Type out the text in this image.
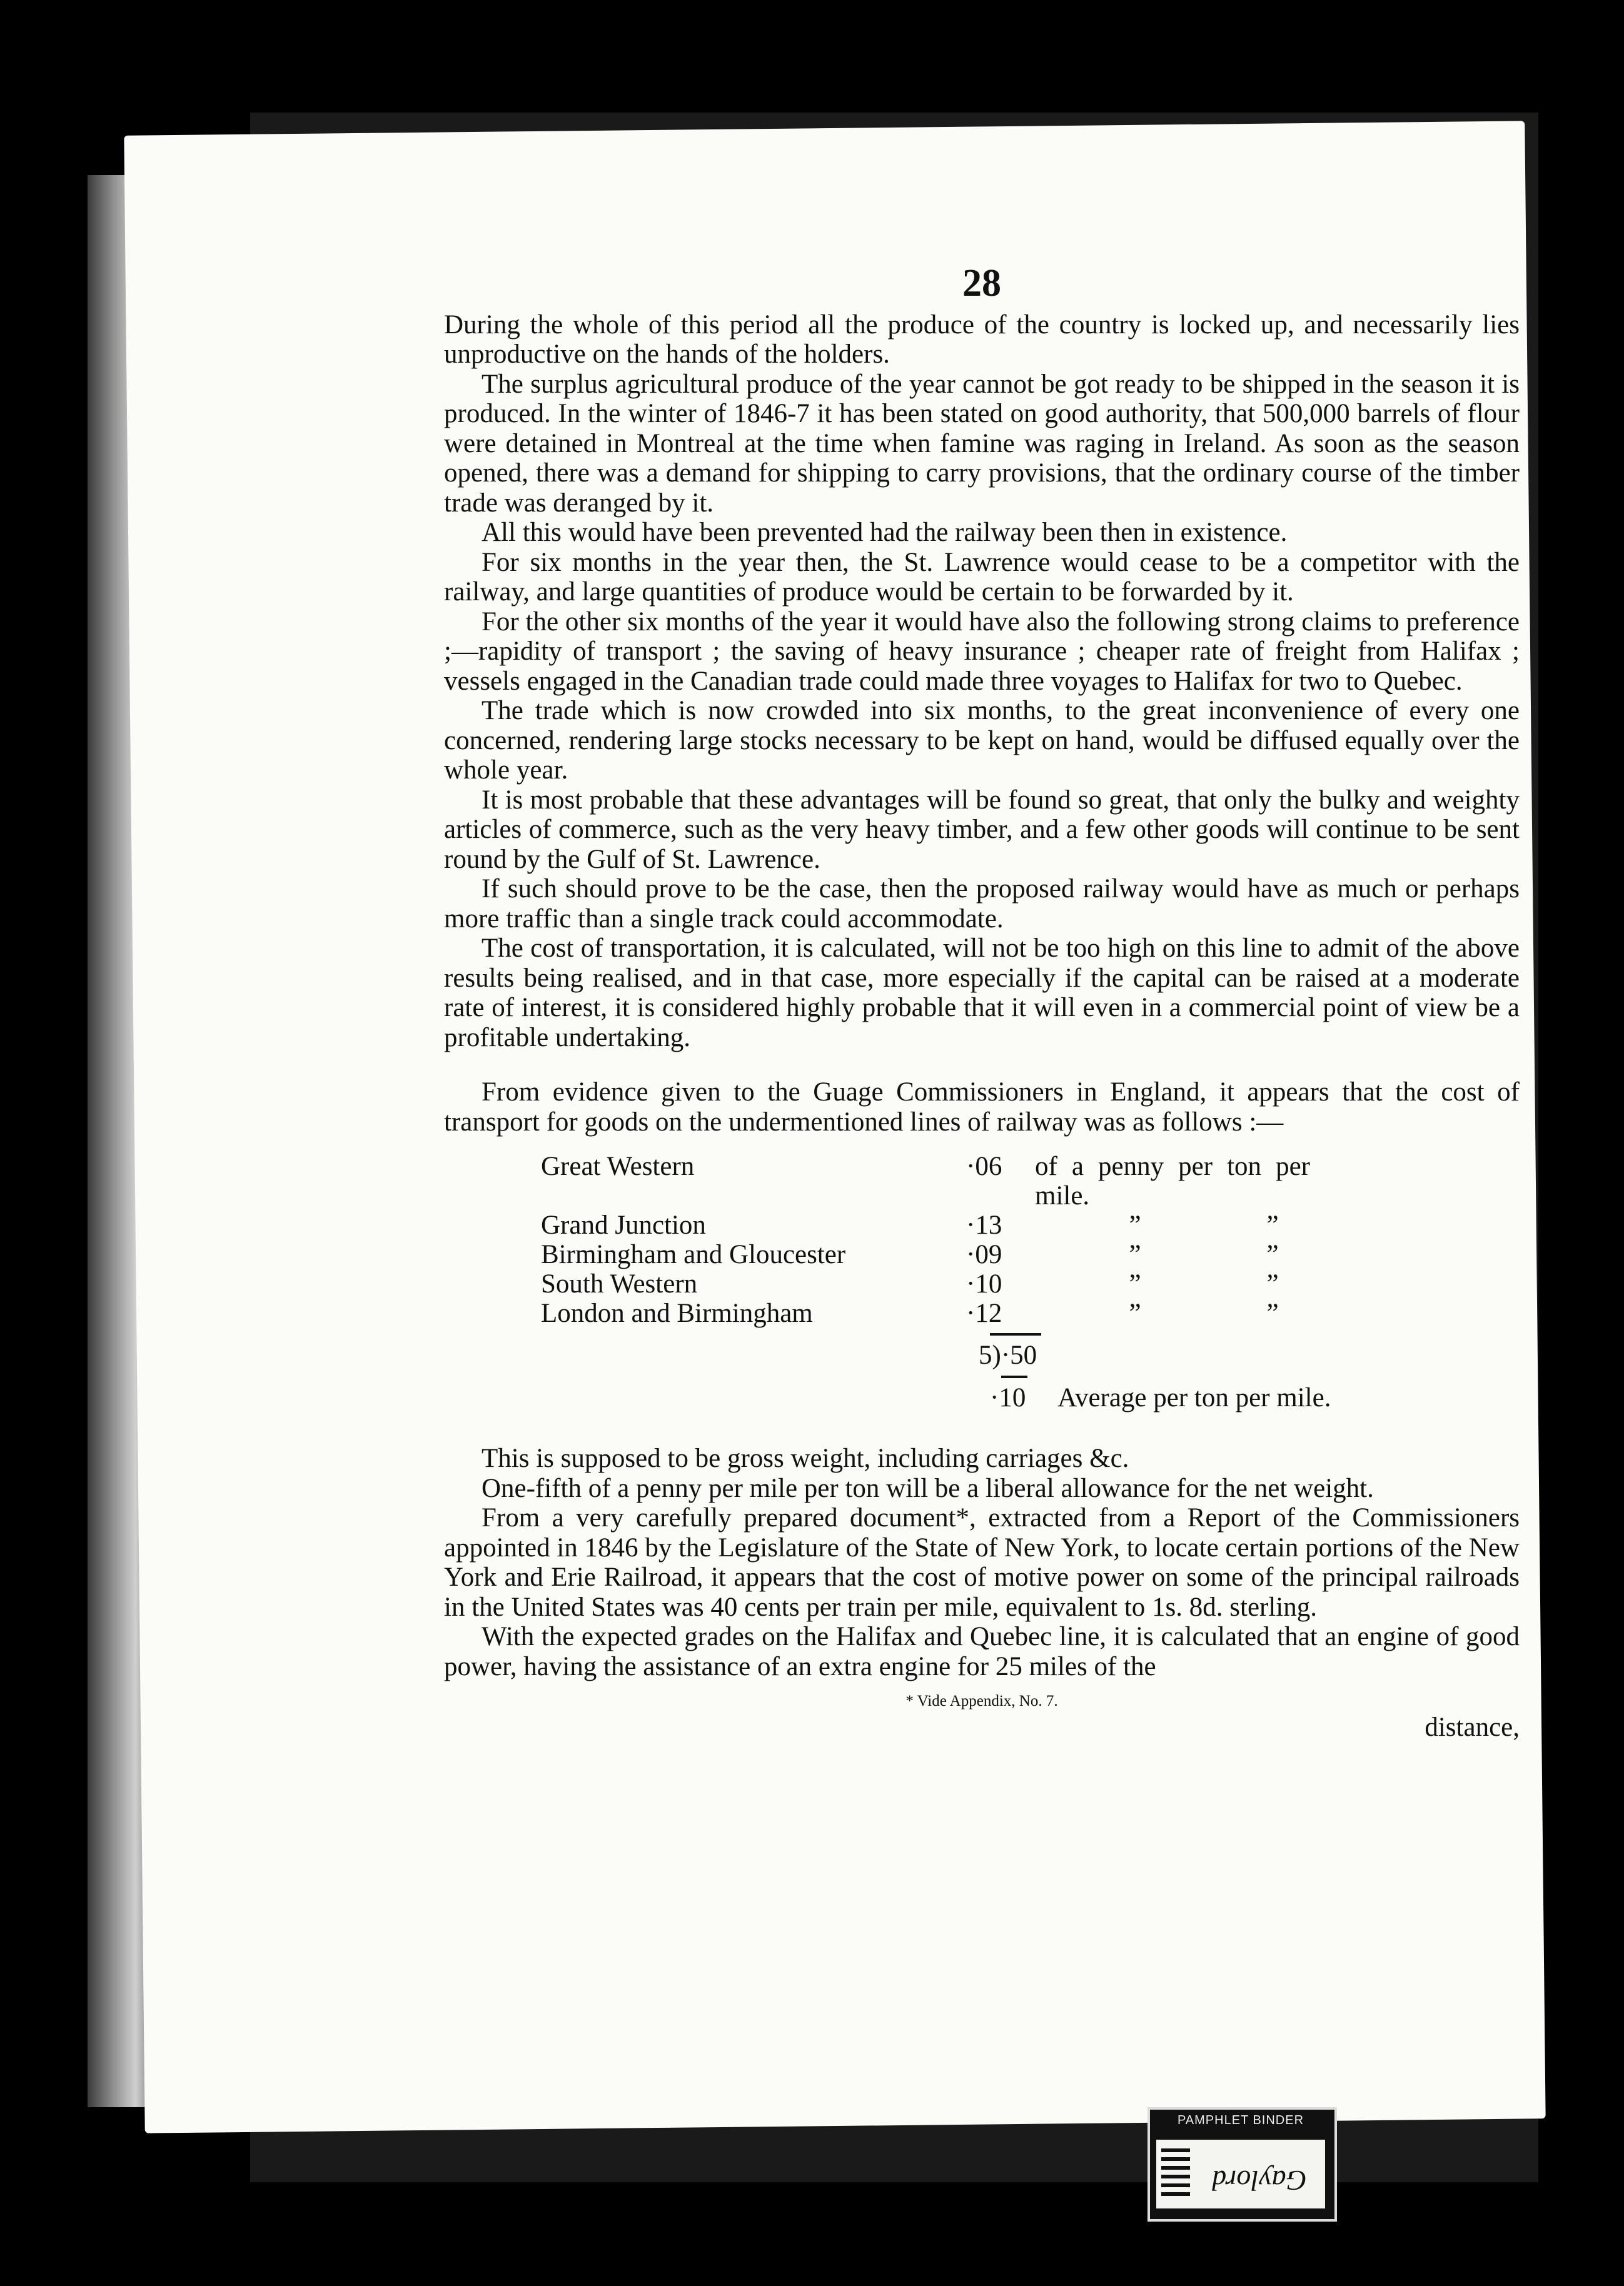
28

During the whole of this period all the produce of the country is locked up, and necessarily lies unproductive on the hands of the holders.

The surplus agricultural produce of the year cannot be got ready to be shipped in the season it is produced. In the winter of 1846-7 it has been stated on good authority, that 500,000 barrels of flour were detained in Montreal at the time when famine was raging in Ireland. As soon as the season opened, there was a demand for shipping to carry provisions, that the ordinary course of the timber trade was deranged by it.

All this would have been prevented had the railway been then in existence.

For six months in the year then, the St. Lawrence would cease to be a competitor with the railway, and large quantities of produce would be certain to be forwarded by it.

For the other six months of the year it would have also the following strong claims to preference ;—rapidity of transport ; the saving of heavy insurance ; cheaper rate of freight from Halifax ; vessels engaged in the Canadian trade could made three voyages to Halifax for two to Quebec.

The trade which is now crowded into six months, to the great inconvenience of every one concerned, rendering large stocks necessary to be kept on hand, would be diffused equally over the whole year.

It is most probable that these advantages will be found so great, that only the bulky and weighty articles of commerce, such as the very heavy timber, and a few other goods will continue to be sent round by the Gulf of St. Lawrence.

If such should prove to be the case, then the proposed railway would have as much or perhaps more traffic than a single track could accommodate.

The cost of transportation, it is calculated, will not be too high on this line to admit of the above results being realised, and in that case, more especially if the capital can be raised at a moderate rate of interest, it is considered highly probable that it will even in a commercial point of view be a profitable undertaking.

From evidence given to the Guage Commissioners in England, it appears that the cost of transport for goods on the undermentioned lines of railway was as follows :—

Great Western	·06	of a penny per ton per mile.	
Grand Junction	·13	”	”
Birmingham and Gloucester	·09	”	”
South Western	·10	”	”
London and Birmingham	·12	”	”
5)·50
·10 Average per ton per mile.

This is supposed to be gross weight, including carriages &c.

One-fifth of a penny per mile per ton will be a liberal allowance for the net weight.

From a very carefully prepared document*, extracted from a Report of the Commissioners appointed in 1846 by the Legislature of the State of New York, to locate certain portions of the New York and Erie Railroad, it appears that the cost of motive power on some of the principal railroads in the United States was 40 cents per train per mile, equivalent to 1s. 8d. sterling.

With the expected grades on the Halifax and Quebec line, it is calculated that an engine of good power, having the assistance of an extra engine for 25 miles of the

* Vide Appendix, No. 7.
distance,
PAMPHLET BINDER
Gaylord
